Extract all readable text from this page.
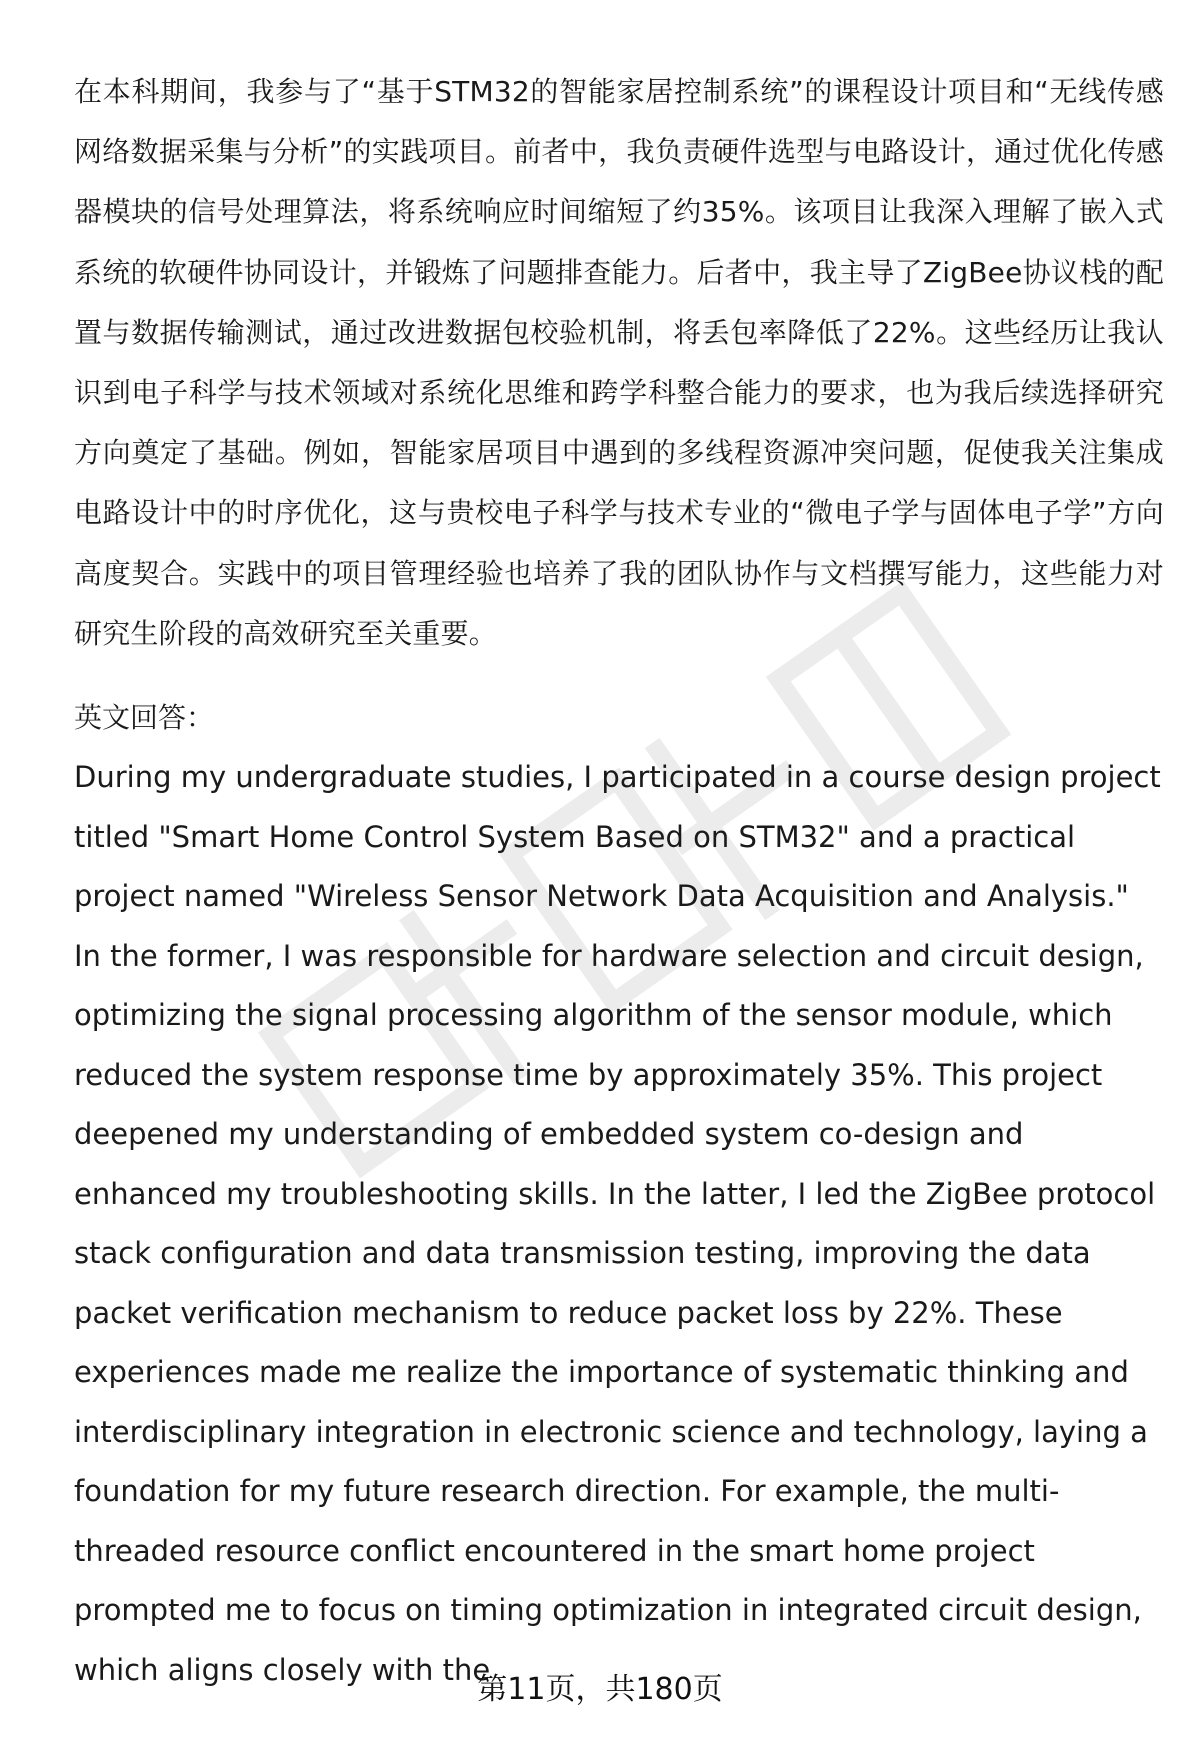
在本科期间，我参与了“基于STM32的智能家居控制系统”的课程设计项目和“无线传感网络数据采集与分析”的实践项目。前者中，我负责硬件选型与电路设计，通过优化传感器模块的信号处理算法，将系统响应时间缩短了约35%。该项目让我深入理解了嵌入式系统的软硬件协同设计，并锻炼了问题排查能力。后者中，我主导了ZigBee协议栈的配置与数据传输测试，通过改进数据包校验机制，将丢包率降低了22%。这些经历让我认识到电子科学与技术领域对系统化思维和跨学科整合能力的要求，也为我后续选择研究方向奠定了基础。例如，智能家居项目中遇到的多线程资源冲突问题，促使我关注集成电路设计中的时序优化，这与贵校电子科学与技术专业的“微电子学与固体电子学”方向高度契合。实践中的项目管理经验也培养了我的团队协作与文档撰写能力，这些能力对研究生阶段的高效研究至关重要。

英文回答：

During my undergraduate studies, I participated in a course design project titled "Smart Home Control System Based on STM32" and a practical project named "Wireless Sensor Network Data Acquisition and Analysis." In the former, I was responsible for hardware selection and circuit design, optimizing the signal processing algorithm of the sensor module, which reduced the system response time by approximately 35%. This project deepened my understanding of embedded system co-design and enhanced my troubleshooting skills. In the latter, I led the ZigBee protocol stack configuration and data transmission testing, improving the data packet verification mechanism to reduce packet loss by 22%. These experiences made me realize the importance of systematic thinking and interdisciplinary integration in electronic science and technology, laying a foundation for my future research direction. For example, the multi-threaded resource conflict encountered in the smart home project prompted me to focus on timing optimization in integrated circuit design, which aligns closely with the

第11页，共180页
